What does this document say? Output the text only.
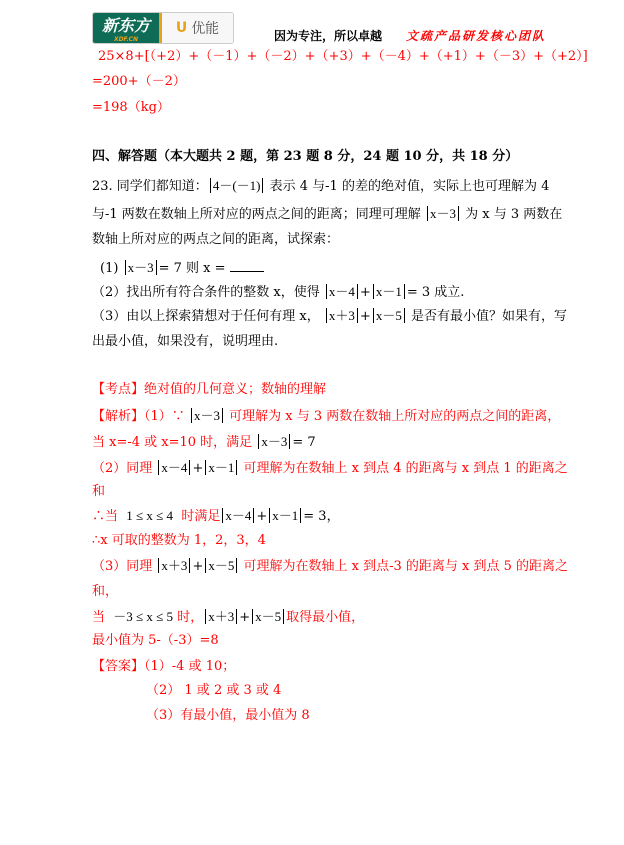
新东方
XDF.CN
U 优能	因为专注，所以卓越 文疏产品研发核心团队
25×8+[（+2）+（－1）+（－2）+（+3）+（－4）+（+1）+（－3）+（+2）]
=200+（－2）
=198（kg）
四、解答题（本大题共 2 题，第 23 题 8 分，24 题 10 分，共 18 分）
23. 同学们都知道： 4－(－1) 表示 4 与-1 的差的绝对值，实际上也可理解为 4
与-1 两数在数轴上所对应的两点之间的距离；同理可理解 x－3 为 x 与 3 两数在
数轴上所对应的两点之间的距离，试探索：
(1) x－3 = 7 则 x =
（2）找出所有符合条件的整数 x，使得 x－4 + x－1 = 3 成立.
（3）由以上探索猜想对于任何有理 x， x＋3 + x－5 是否有最小值？如果有，写
出最小值，如果没有，说明理由.
【考点】绝对值的几何意义；数轴的理解
【解析】（1）∵ x－3 可理解为 x 与 3 两数在数轴上所对应的两点之间的距离，
当 x=-4 或 x=10 时，满足 x－3 = 7
（2）同理 x－4 + x－1 可理解为在数轴上 x 到点 4 的距离与 x 到点 1 的距离之
和
∴当 1 ≤ x ≤ 4 时满足 x－4 + x－1 = 3，
∴x 可取的整数为 1，2，3，4
（3）同理 x＋3 + x－5 可理解为在数轴上 x 到点-3 的距离与 x 到点 5 的距离之
和，
当 －3 ≤ x ≤ 5 时， x＋3 + x－5 取得最小值，
最小值为 5-（-3）=8
【答案】（1）-4 或 10；
（2） 1 或 2 或 3 或 4
（3）有最小值，最小值为 8
